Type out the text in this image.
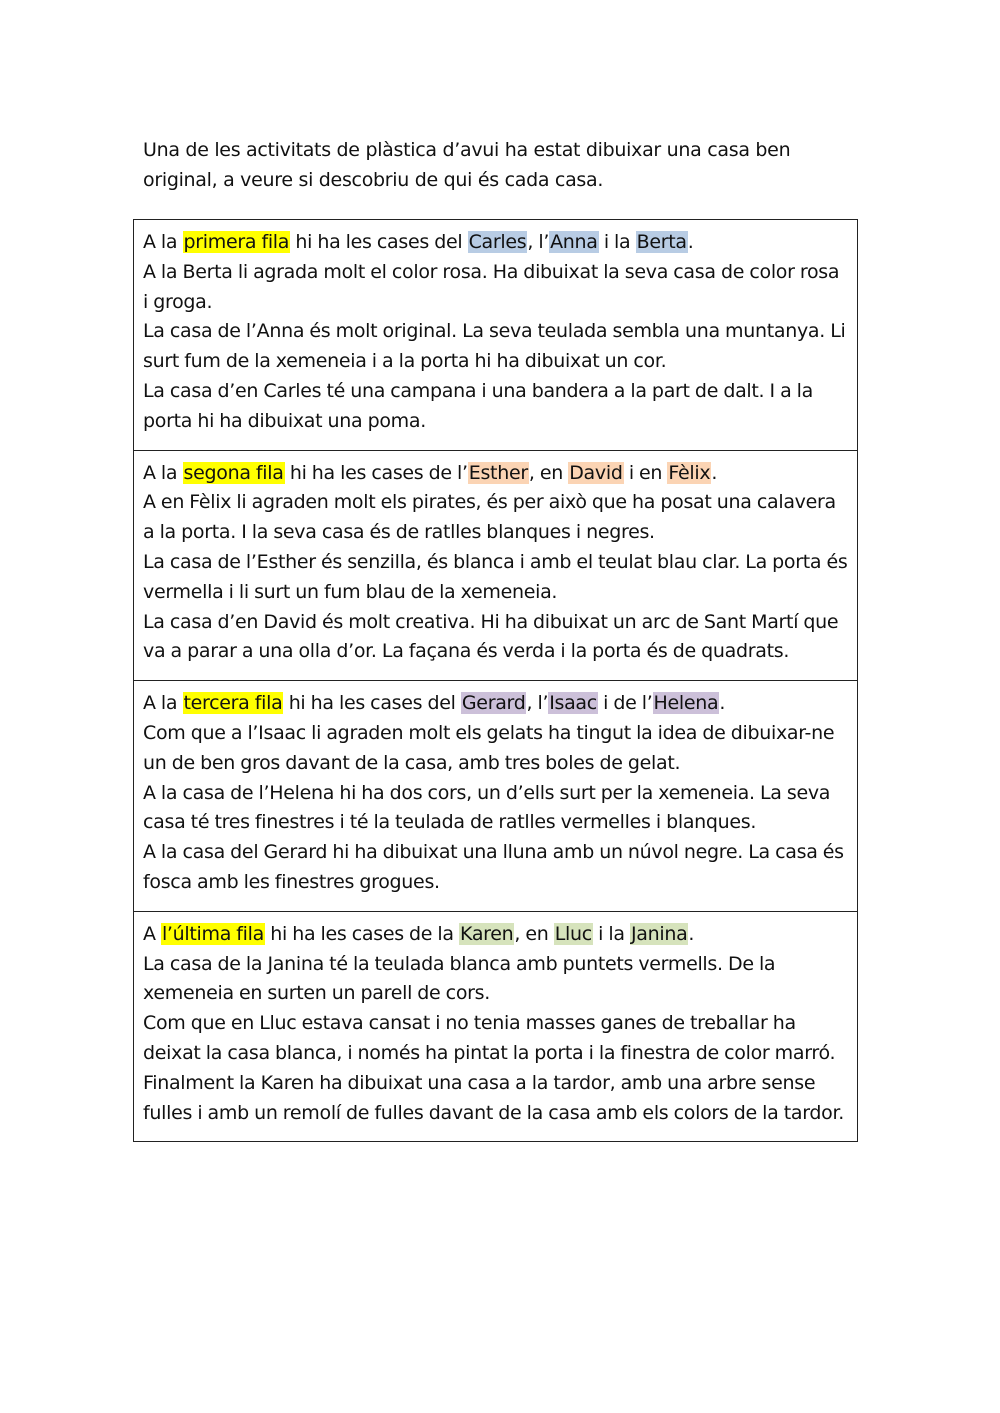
Una de les activitats de plàstica d’avui ha estat dibuixar una casa ben original, a veure si descobriu de qui és cada casa.

A la primera fila hi ha les cases del Carles, l’Anna i la Berta.

A la Berta li agrada molt el color rosa. Ha dibuixat la seva casa de color rosa i groga.

La casa de l’Anna és molt original. La seva teulada sembla una muntanya. Li surt fum de la xemeneia i a la porta hi ha dibuixat un cor.

La casa d’en Carles té una campana i una bandera a la part de dalt. I a la porta hi ha dibuixat una poma.

A la segona fila hi ha les cases de l’Esther, en David i en Fèlix.

A en Fèlix li agraden molt els pirates, és per això que ha posat una calavera a la porta. I la seva casa és de ratlles blanques i negres.

La casa de l’Esther és senzilla, és blanca i amb el teulat blau clar. La porta és vermella i li surt un fum blau de la xemeneia.

La casa d’en David és molt creativa. Hi ha dibuixat un arc de Sant Martí que va a parar a una olla d’or. La façana és verda i la porta és de quadrats.

A la tercera fila hi ha les cases del Gerard, l’Isaac i de l’Helena.

Com que a l’Isaac li agraden molt els gelats ha tingut la idea de dibuixar-ne un de ben gros davant de la casa, amb tres boles de gelat.

A la casa de l’Helena hi ha dos cors, un d’ells surt per la xemeneia. La seva casa té tres finestres i té la teulada de ratlles vermelles i blanques.

A la casa del Gerard hi ha dibuixat una lluna amb un núvol negre. La casa és fosca amb les finestres grogues.

A l’última fila hi ha les cases de la Karen, en Lluc i la Janina.

La casa de la Janina té la teulada blanca amb puntets vermells. De la xemeneia en surten un parell de cors.

Com que en Lluc estava cansat i no tenia masses ganes de treballar ha deixat la casa blanca, i només ha pintat la porta i la finestra de color marró.

Finalment la Karen ha dibuixat una casa a la tardor, amb una arbre sense fulles i amb un remolí de fulles davant de la casa amb els colors de la tardor.
